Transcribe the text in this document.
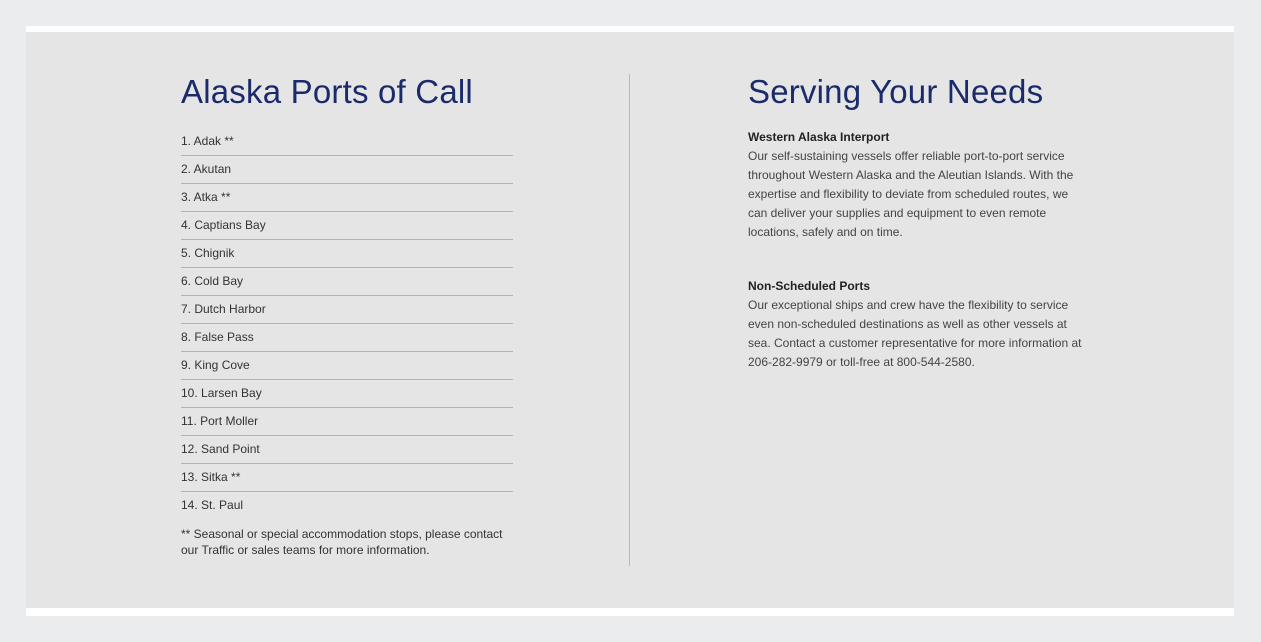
Alaska Ports of Call
1. Adak **
2. Akutan
3. Atka **
4. Captians Bay
5. Chignik
6. Cold Bay
7. Dutch Harbor
8. False Pass
9. King Cove
10. Larsen Bay
11. Port Moller
12. Sand Point
13. Sitka **
14. St. Paul
** Seasonal or special accommodation stops, please contact our Traffic or sales teams for more information.
Serving Your Needs
Western Alaska Interport

Our self-sustaining vessels offer reliable port-to-port service throughout Western Alaska and the Aleutian Islands. With the expertise and flexibility to deviate from scheduled routes, we can deliver your supplies and equipment to even remote locations, safely and on time.

Non-Scheduled Ports

Our exceptional ships and crew have the flexibility to service even non-scheduled destinations as well as other vessels at sea. Contact a customer representative for more information at 206-282-9979 or toll-free at 800-544-2580.
